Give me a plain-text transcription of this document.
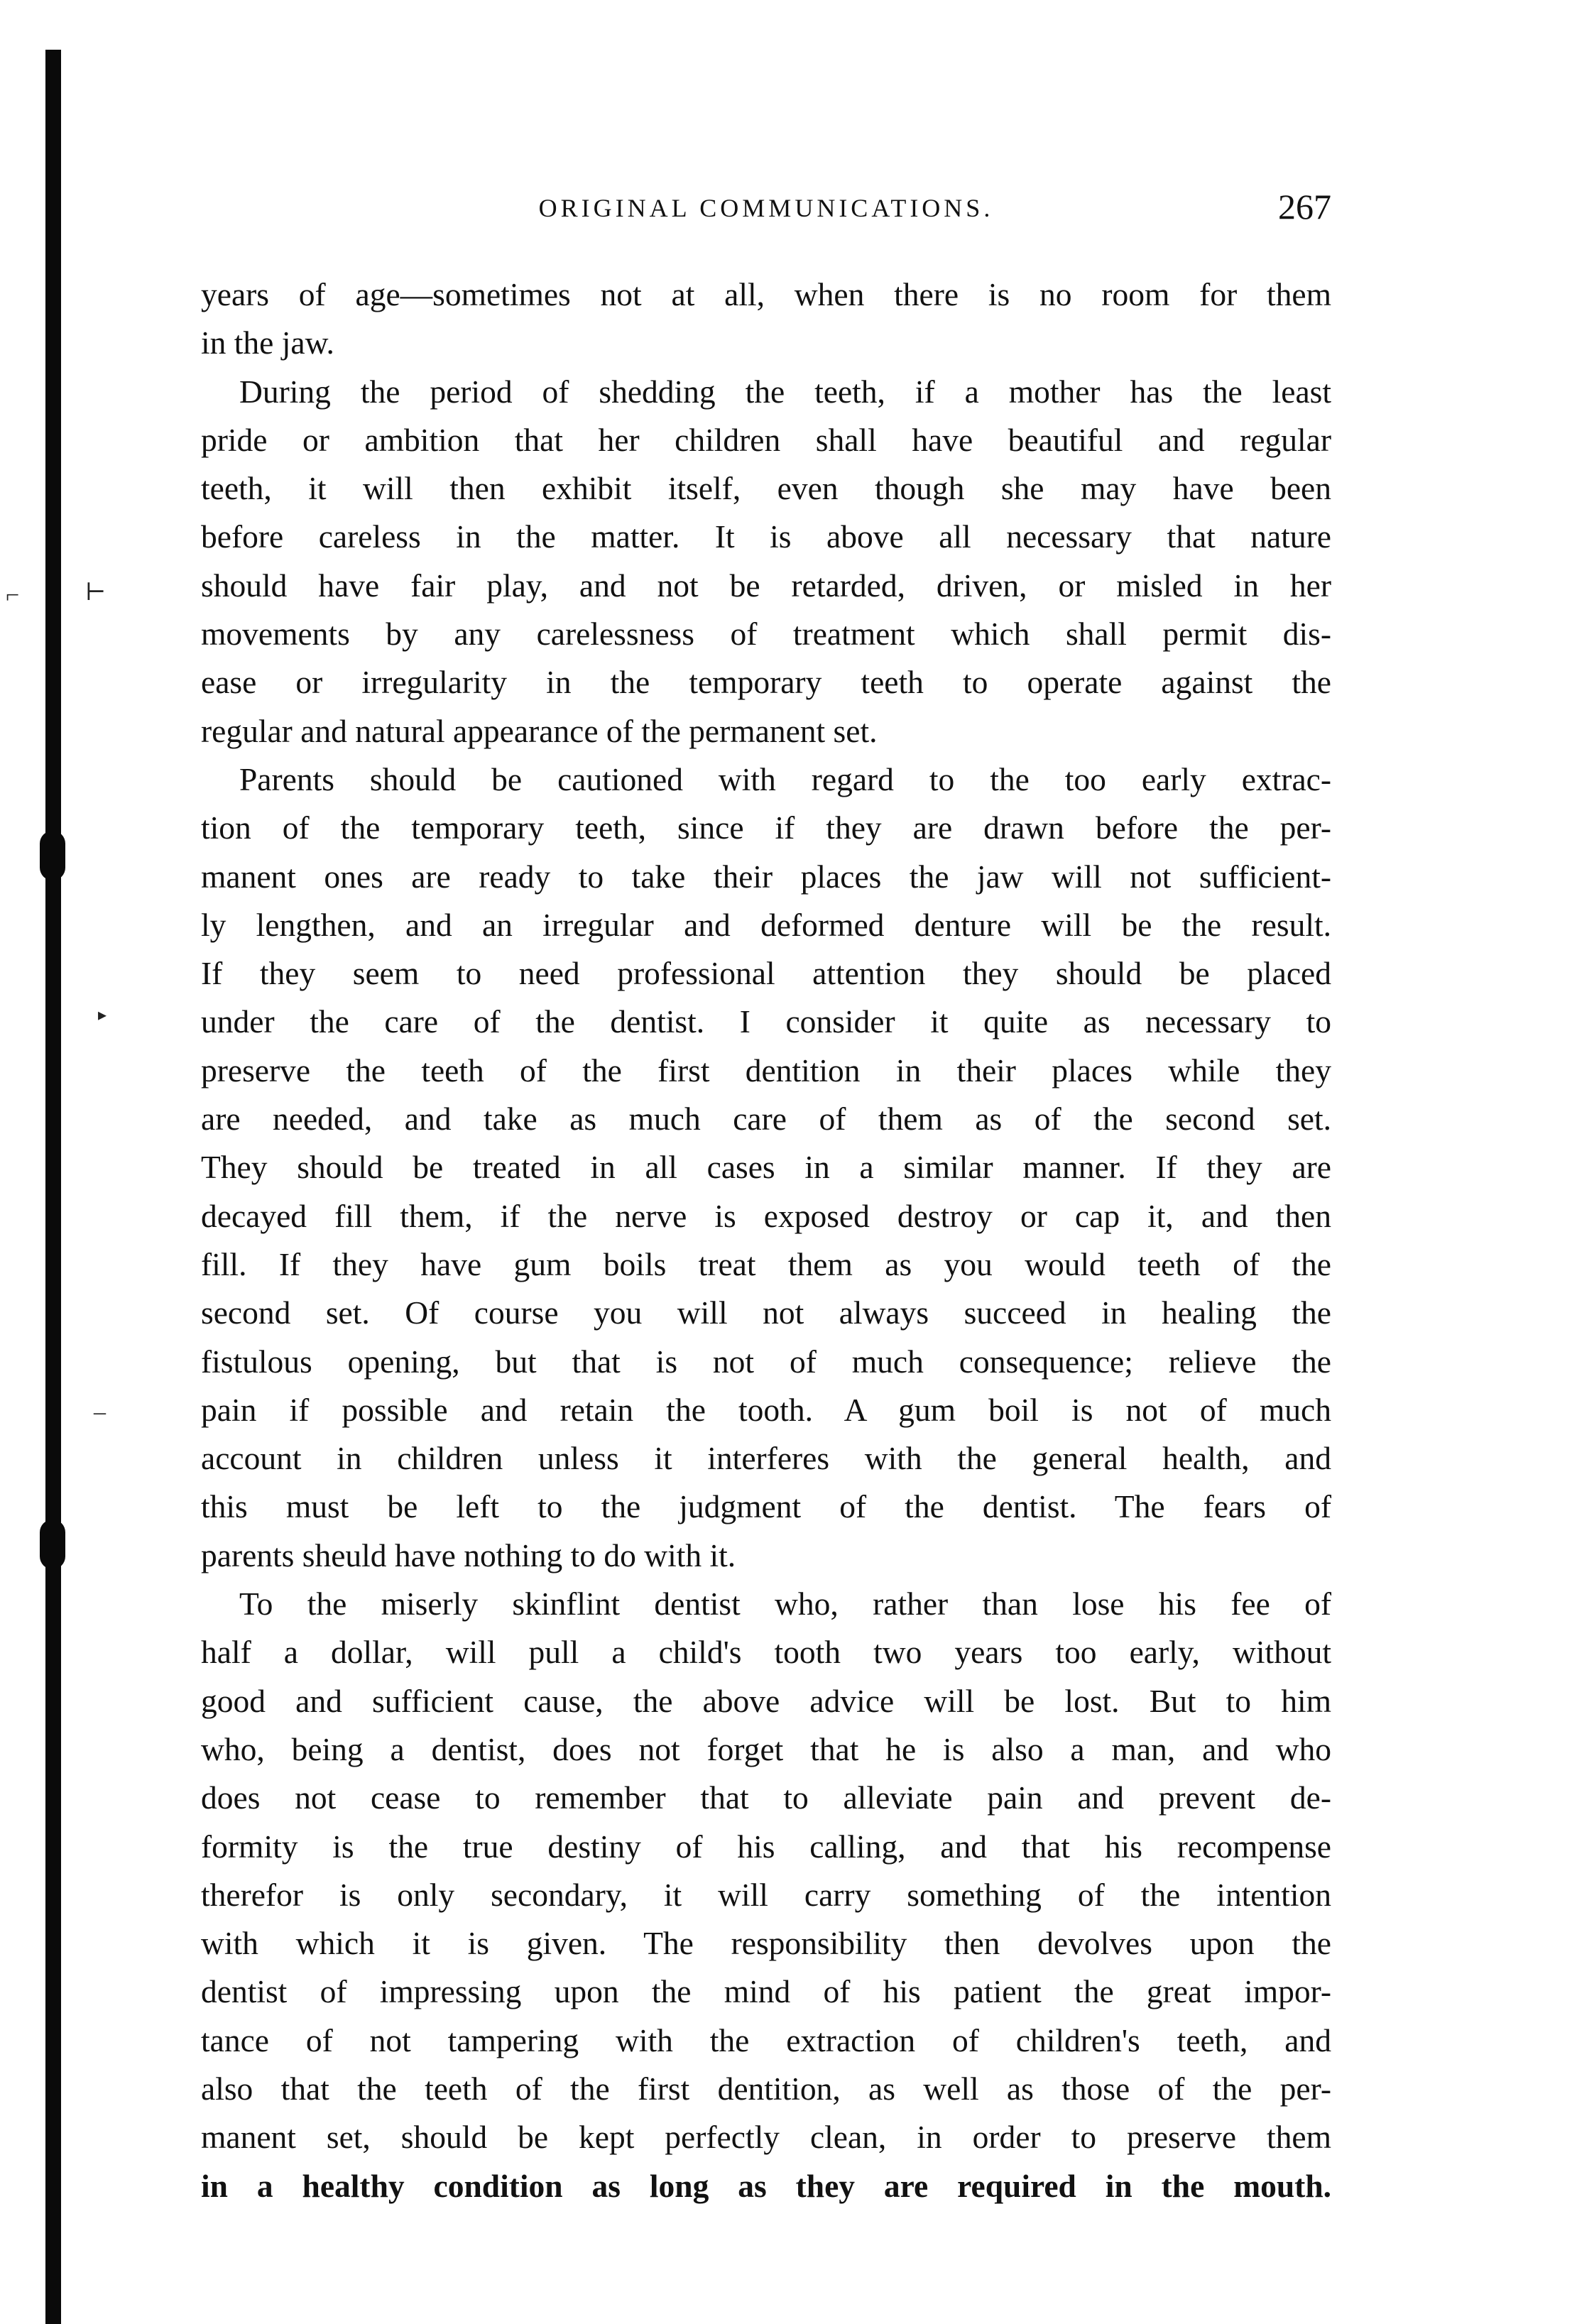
⌐	⊢
▸
–
ORIGINAL COMMUNICATIONS.	267
years of age—sometimes not at all, when there is no room for them
in the jaw.
During the period of shedding the teeth, if a mother has the least
pride or ambition that her children shall have beautiful and regular
teeth, it will then exhibit itself, even though she may have been
before careless in the matter. It is above all necessary that nature
should have fair play, and not be retarded, driven, or misled in her
movements by any carelessness of treatment which shall permit dis-
ease or irregularity in the temporary teeth to operate against the
regular and natural appearance of the permanent set.
Parents should be cautioned with regard to the too early extrac-
tion of the temporary teeth, since if they are drawn before the per-
manent ones are ready to take their places the jaw will not sufficient-
ly lengthen, and an irregular and deformed denture will be the result.
If they seem to need professional attention they should be placed
under the care of the dentist. I consider it quite as necessary to
preserve the teeth of the first dentition in their places while they
are needed, and take as much care of them as of the second set.
They should be treated in all cases in a similar manner. If they are
decayed fill them, if the nerve is exposed destroy or cap it, and then
fill. If they have gum boils treat them as you would teeth of the
second set. Of course you will not always succeed in healing the
fistulous opening, but that is not of much consequence; relieve the
pain if possible and retain the tooth. A gum boil is not of much
account in children unless it interferes with the general health, and
this must be left to the judgment of the dentist. The fears of
parents sheuld have nothing to do with it.
To the miserly skinflint dentist who, rather than lose his fee of
half a dollar, will pull a child's tooth two years too early, without
good and sufficient cause, the above advice will be lost. But to him
who, being a dentist, does not forget that he is also a man, and who
does not cease to remember that to alleviate pain and prevent de-
formity is the true destiny of his calling, and that his recompense
therefor is only secondary, it will carry something of the intention
with which it is given. The responsibility then devolves upon the
dentist of impressing upon the mind of his patient the great impor-
tance of not tampering with the extraction of children's teeth, and
also that the teeth of the first dentition, as well as those of the per-
manent set, should be kept perfectly clean, in order to preserve them
in a healthy condition as long as they are required in the mouth.
